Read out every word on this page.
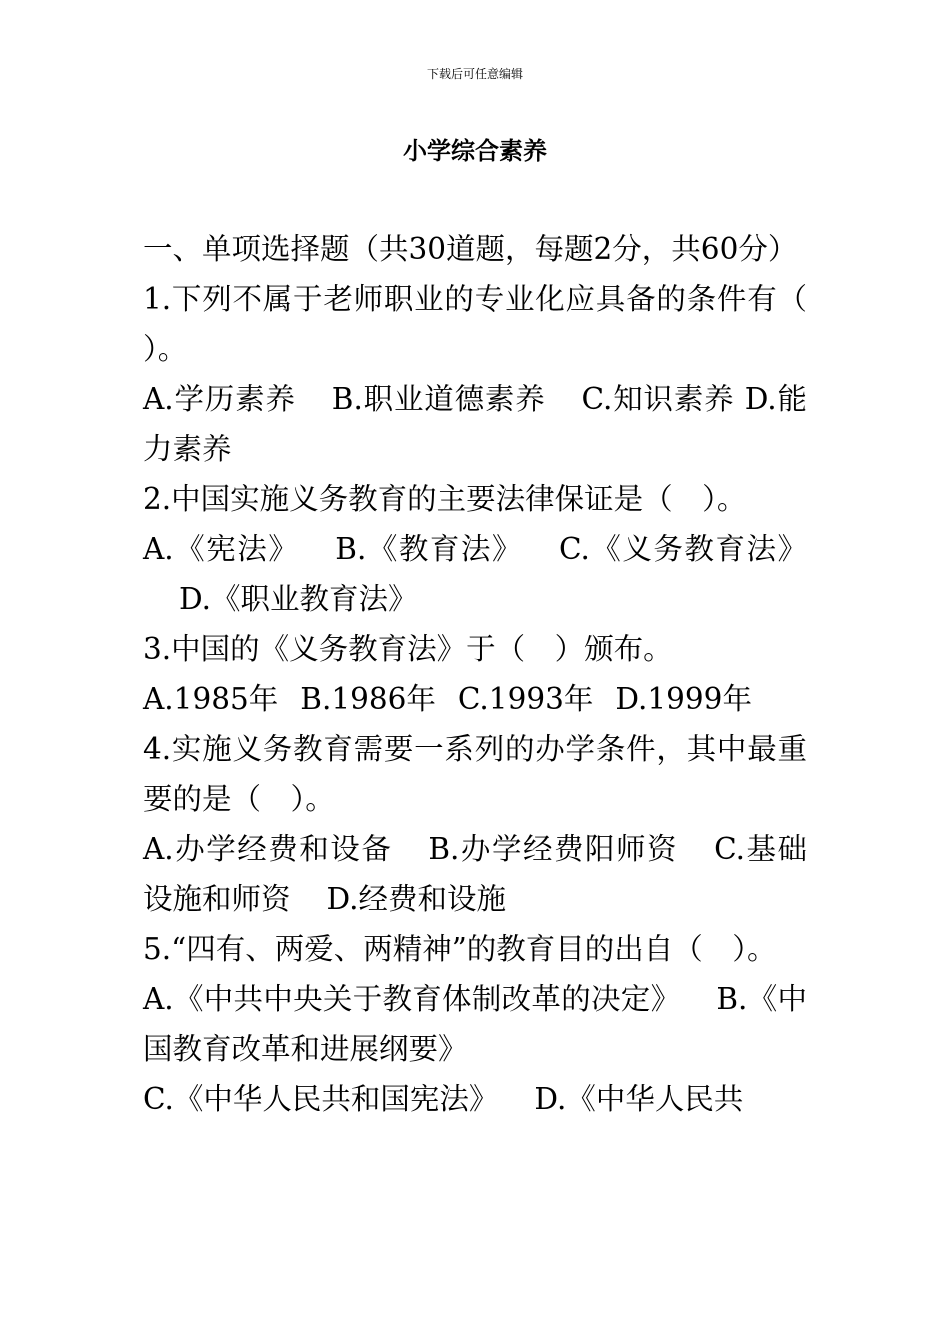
下载后可任意编辑
小学综合素养

一、单项选择题（共30道题，每题2分，共60分）

1.下列不属于老师职业的专业化应具备的条件有（　）。

A.学历素养 B.职业道德素养 C.知识素养 D.能力素养

2.中国实施义务教育的主要法律保证是（　）。

A.《宪法》 B.《教育法》 C.《义务教育法》D.《职业教育法》

3.中国的《义务教育法》于（　）颁布。

A.1985年 B.1986年 C.1993年 D.1999年

4.实施义务教育需要一系列的办学条件，其中最重要的是（　）。

A.办学经费和设备 B.办学经费阳师资 C.基础设施和师资 D.经费和设施

5.“四有、两爱、两精神”的教育目的出自（　）。

A.《中共中央关于教育体制改革的决定》 B.《中国教育改革和进展纲要》

C.《中华人民共和国宪法》 D.《中华人民共
